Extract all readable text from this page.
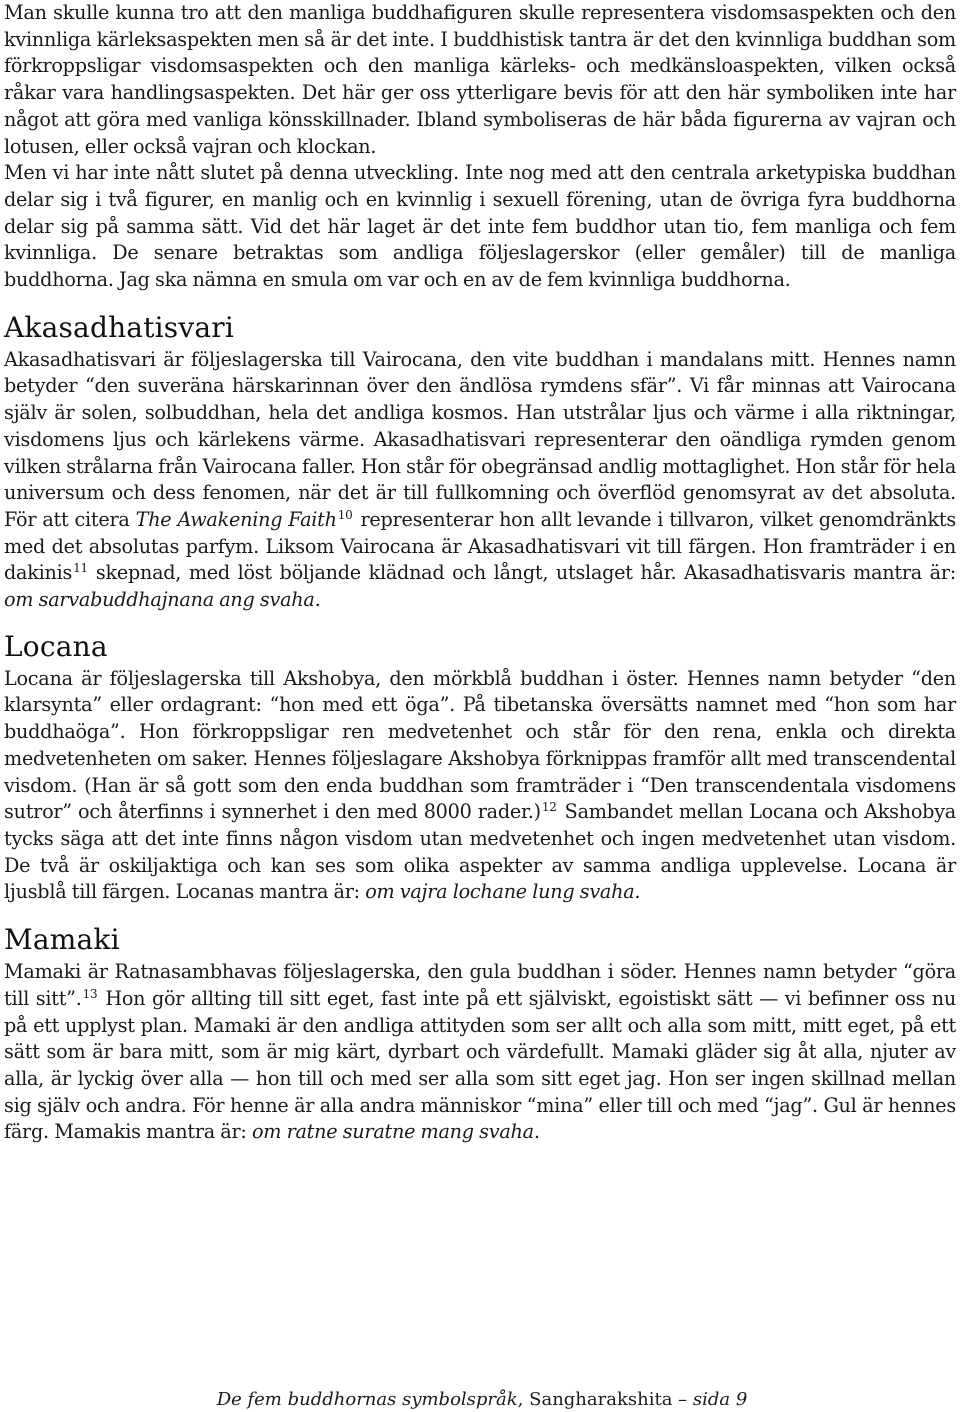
Man skulle kunna tro att den manliga buddhafiguren skulle representera visdomsaspekten och den kvinnliga kärleksaspekten men så är det inte. I buddhistisk tantra är det den kvinnliga buddhan som förkroppsligar visdomsaspekten och den manliga kärleks- och medkänsloaspekten, vilken också råkar vara handlingsaspekten. Det här ger oss ytterligare bevis för att den här symboliken inte har något att göra med vanliga könsskillnader. Ibland symboliseras de här båda figurerna av vajran och lotusen, eller också vajran och klockan.

Men vi har inte nått slutet på denna utveckling. Inte nog med att den centrala arketypiska buddhan delar sig i två figurer, en manlig och en kvinnlig i sexuell förening, utan de övriga fyra buddhorna delar sig på samma sätt. Vid det här laget är det inte fem buddhor utan tio, fem manliga och fem kvinnliga. De senare betraktas som andliga följeslagerskor (eller gemåler) till de manliga buddhorna. Jag ska nämna en smula om var och en av de fem kvinnliga buddhorna.

Akasadhatisvari

Akasadhatisvari är följeslagerska till Vairocana, den vite buddhan i mandalans mitt. Hennes namn betyder “den suveräna härskarinnan över den ändlösa rymdens sfär”. Vi får minnas att Vairocana själv är solen, solbuddhan, hela det andliga kosmos. Han utstrålar ljus och värme i alla riktningar, visdomens ljus och kärlekens värme. Akasadhatisvari representerar den oändliga rymden genom vilken strålarna från Vairocana faller. Hon står för obegränsad andlig mottaglighet. Hon står för hela universum och dess fenomen, när det är till fullkomning och överflöd genomsyrat av det absoluta. För att citera The Awakening Faith$^{10}$ representerar hon allt levande i tillvaron, vilket genomdränkts med det absolutas parfym. Liksom Vairocana är Akasadhatisvari vit till färgen. Hon framträder i en dakinis$^{11}$ skepnad, med löst böljande klädnad och långt, utslaget hår. Akasadhatisvaris mantra är: om sarvabuddhajnana ang svaha.

Locana

Locana är följeslagerska till Akshobya, den mörkblå buddhan i öster. Hennes namn betyder “den klarsynta” eller ordagrant: “hon med ett öga”. På tibetanska översätts namnet med “hon som har buddhaöga”. Hon förkroppsligar ren medvetenhet och står för den rena, enkla och direkta medvetenheten om saker. Hennes följeslagare Akshobya förknippas framför allt med transcendental visdom. (Han är så gott som den enda buddhan som framträder i “Den transcendentala visdomens sutror” och återfinns i synnerhet i den med 8000 rader.)$^{12}$ Sambandet mellan Locana och Akshobya tycks säga att det inte finns någon visdom utan medvetenhet och ingen medvetenhet utan visdom. De två är oskiljaktiga och kan ses som olika aspekter av samma andliga upplevelse. Locana är ljusblå till färgen. Locanas mantra är: om vajra lochane lung svaha.

Mamaki

Mamaki är Ratnasambhavas följeslagerska, den gula buddhan i söder. Hennes namn betyder “göra till sitt”.$^{13}$ Hon gör allting till sitt eget, fast inte på ett själviskt, egoistiskt sätt — vi befinner oss nu på ett upplyst plan. Mamaki är den andliga attityden som ser allt och alla som mitt, mitt eget, på ett sätt som är bara mitt, som är mig kärt, dyrbart och värdefullt. Mamaki gläder sig åt alla, njuter av alla, är lyckig över alla — hon till och med ser alla som sitt eget jag. Hon ser ingen skillnad mellan sig själv och andra. För henne är alla andra människor “mina” eller till och med “jag”. Gul är hennes färg. Mamakis mantra är: om ratne suratne mang svaha.

De fem buddhornas symbolspråk, Sangharakshita – sida 9
